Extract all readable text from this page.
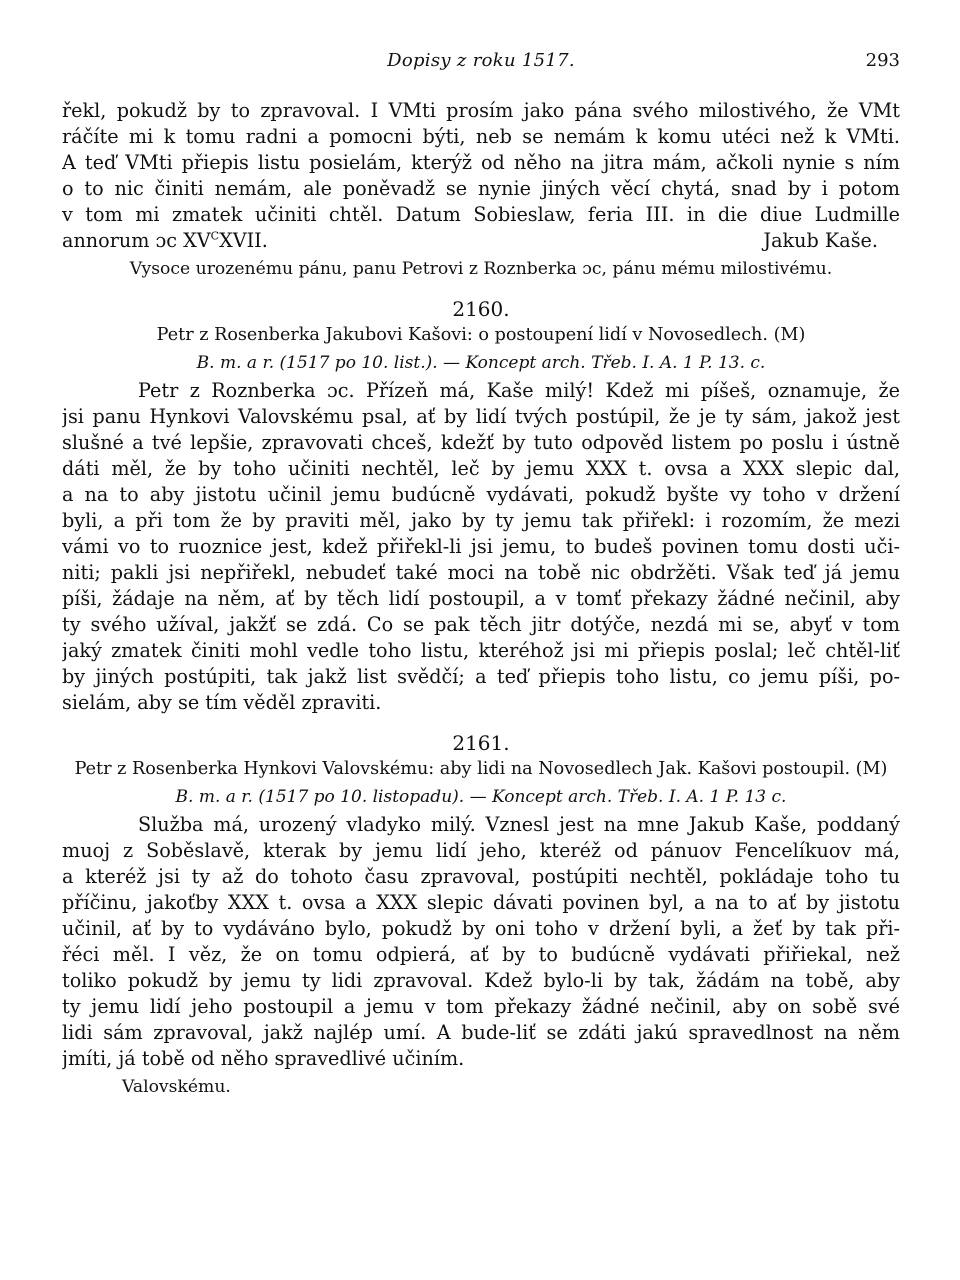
Dopisy z roku 1517.	293
řekl, pokudž by to zpravoval. I VMti prosím jako pána svého milostivého, že VMt
ráčíte mi k tomu radni a pomocni býti, neb se nemám k komu utéci než k VMti.
A teď VMti přiepis listu posielám, kterýž od něho na jitra mám, ačkoli nynie s ním
o to nic činiti nemám, ale poněvadž se nynie jiných věcí chytá, snad by i potom
v tom mi zmatek učiniti chtěl. Datum Sobieslaw, feria III. in die diue Ludmille
annorum ɔc $XV^CXVII$.	Jakub Kaše.
Vysoce urozenému pánu, panu Petrovi z Roznberka ɔc, pánu mému milostivému.
2160.
Petr z Rosenberka Jakubovi Kašovi: o postoupení lidí v Novosedlech. (M)
B. m. a r. (1517 po 10. list.). — Koncept arch. Třeb. I. A. 1 P. 13. c.
Petr z Roznberka ɔc. Přízeň má, Kaše milý! Kdež mi píšeš, oznamuje, že
jsi panu Hynkovi Valovskému psal, ať by lidí tvých postúpil, že je ty sám, jakož jest
slušné a tvé lepšie, zpravovati chceš, kdežť by tuto odpověd listem po poslu i ústně
dáti měl, že by toho učiniti nechtěl, leč by jemu XXX t. ovsa a XXX slepic dal,
a na to aby jistotu učinil jemu budúcně vydávati, pokudž byšte vy toho v držení
byli, a při tom že by praviti měl, jako by ty jemu tak přiřekl: i rozomím, že mezi
vámi vo to ruoznice jest, kdež přiřekl-li jsi jemu, to budeš povinen tomu dosti uči-
niti; pakli jsi nepřiřekl, nebudeť také moci na tobě nic obdržěti. Však teď já jemu
píši, žádaje na něm, ať by těch lidí postoupil, a v tomť překazy žádné nečinil, aby
ty svého užíval, jakžť se zdá. Co se pak těch jitr dotýče, nezdá mi se, abyť v tom
jaký zmatek činiti mohl vedle toho listu, kteréhož jsi mi přiepis poslal; leč chtěl-liť
by jiných postúpiti, tak jakž list svědčí; a teď přiepis toho listu, co jemu píši, po-
sielám, aby se tím věděl zpraviti.
2161.
Petr z Rosenberka Hynkovi Valovskému: aby lidi na Novosedlech Jak. Kašovi postoupil. (M)
B. m. a r. (1517 po 10. listopadu). — Koncept arch. Třeb. I. A. 1 P. 13 c.
Služba má, urozený vladyko milý. Vznesl jest na mne Jakub Kaše, poddaný
muoj z Soběslavě, kterak by jemu lidí jeho, kteréž od pánuov Fencelíkuov má,
a kteréž jsi ty až do tohoto času zpravoval, postúpiti nechtěl, pokládaje toho tu
příčinu, jakoťby XXX t. ovsa a XXX slepic dávati povinen byl, a na to ať by jistotu
učinil, ať by to vydáváno bylo, pokudž by oni toho v držení byli, a žeť by tak při-
řéci měl. I věz, že on tomu odpierá, ať by to budúcně vydávati přiřiekal, než
toliko pokudž by jemu ty lidi zpravoval. Kdež bylo-li by tak, žádám na tobě, aby
ty jemu lidí jeho postoupil a jemu v tom překazy žádné nečinil, aby on sobě své
lidi sám zpravoval, jakž najlép umí. A bude-liť se zdáti jakú spravedlnost na něm
jmíti, já tobě od něho spravedlivé učiním.
Valovskému.
